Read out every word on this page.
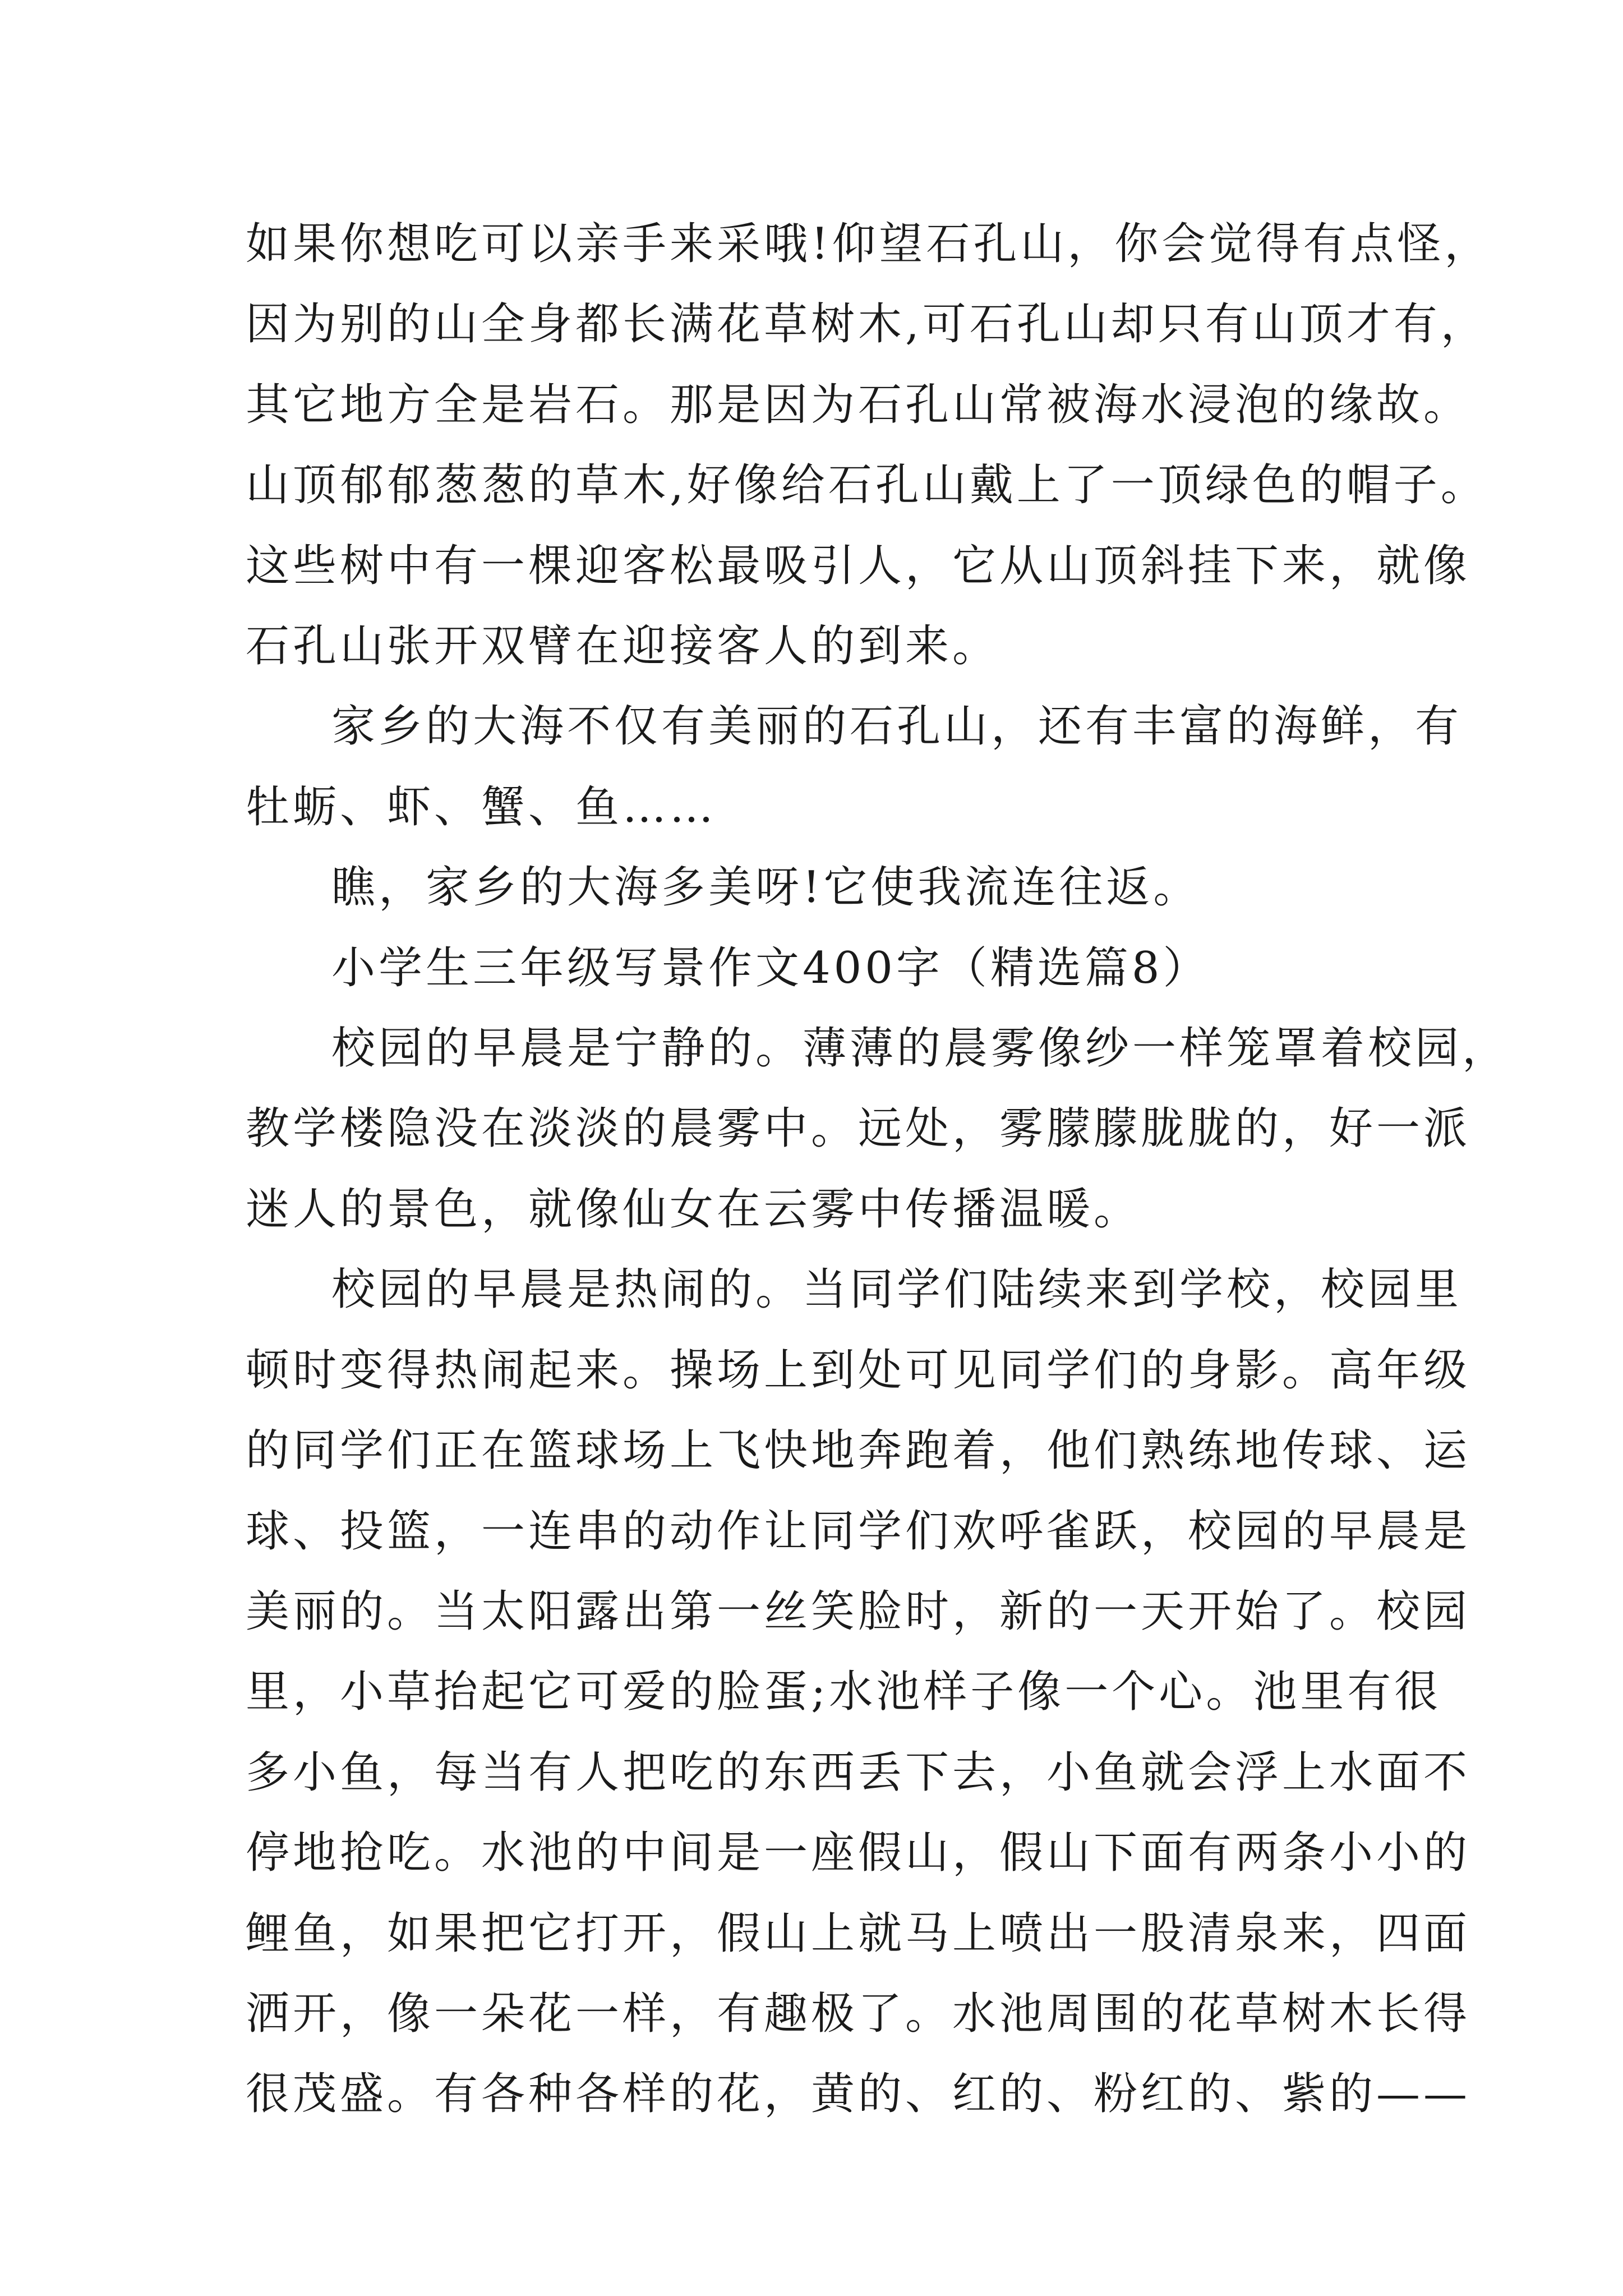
如果你想吃可以亲手来采哦!仰望石孔山，你会觉得有点怪，
因为别的山全身都长满花草树木,可石孔山却只有山顶才有，
其它地方全是岩石。那是因为石孔山常被海水浸泡的缘故。
山顶郁郁葱葱的草木,好像给石孔山戴上了一顶绿色的帽子。
这些树中有一棵迎客松最吸引人，它从山顶斜挂下来，就像
石孔山张开双臂在迎接客人的到来。
家乡的大海不仅有美丽的石孔山，还有丰富的海鲜，有
牡蛎、虾、蟹、鱼……
瞧，家乡的大海多美呀!它使我流连往返。
小学生三年级写景作文400字（精选篇8）
校园的早晨是宁静的。薄薄的晨雾像纱一样笼罩着校园，
教学楼隐没在淡淡的晨雾中。远处，雾朦朦胧胧的，好一派
迷人的景色，就像仙女在云雾中传播温暖。
校园的早晨是热闹的。当同学们陆续来到学校，校园里
顿时变得热闹起来。操场上到处可见同学们的身影。高年级
的同学们正在篮球场上飞快地奔跑着，他们熟练地传球、运
球、投篮，一连串的动作让同学们欢呼雀跃，校园的早晨是
美丽的。当太阳露出第一丝笑脸时，新的一天开始了。校园
里，小草抬起它可爱的脸蛋;水池样子像一个心。池里有很
多小鱼，每当有人把吃的东西丢下去，小鱼就会浮上水面不
停地抢吃。水池的中间是一座假山，假山下面有两条小小的
鲤鱼，如果把它打开，假山上就马上喷出一股清泉来，四面
洒开，像一朵花一样，有趣极了。水池周围的花草树木长得
很茂盛。有各种各样的花，黄的、红的、粉红的、紫的——
